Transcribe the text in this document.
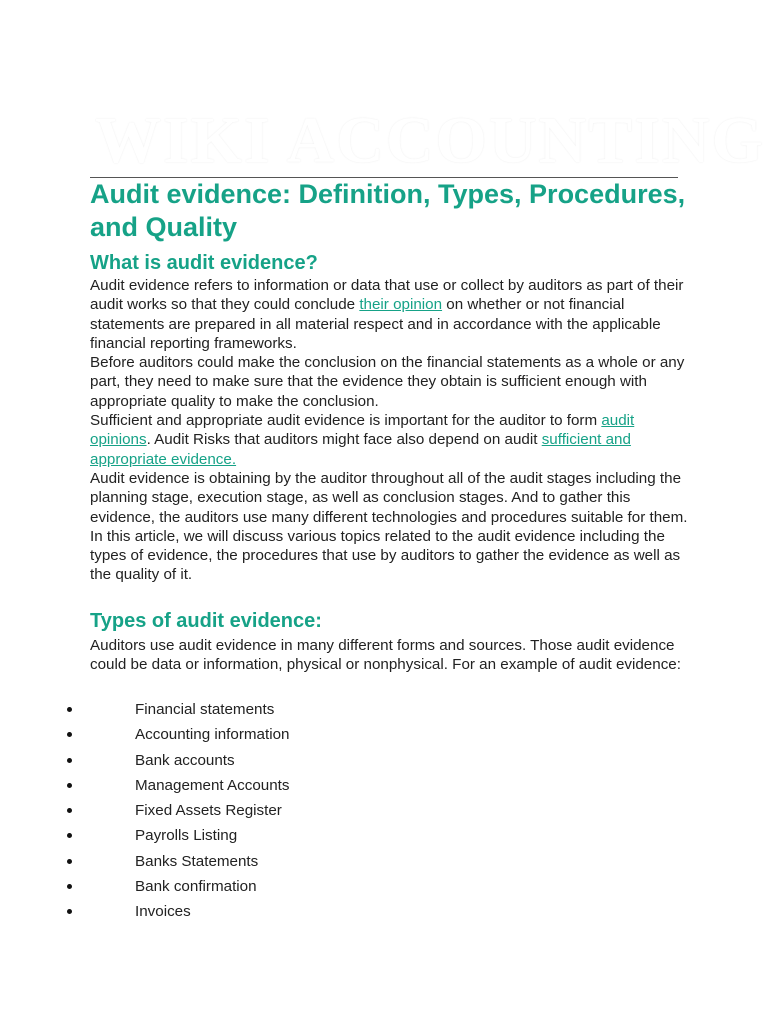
WIKI ACCOUNTING
Audit evidence: Definition, Types, Procedures, and Quality
What is audit evidence?

Audit evidence refers to information or data that use or collect by auditors as part of their audit works so that they could conclude their opinion on whether or not financial statements are prepared in all material respect and in accordance with the applicable financial reporting frameworks.

Before auditors could make the conclusion on the financial statements as a whole or any part, they need to make sure that the evidence they obtain is sufficient enough with appropriate quality to make the conclusion.

Sufficient and appropriate audit evidence is important for the auditor to form audit opinions. Audit Risks that auditors might face also depend on audit sufficient and appropriate evidence.

Audit evidence is obtaining by the auditor throughout all of the audit stages including the planning stage, execution stage, as well as conclusion stages. And to gather this evidence, the auditors use many different technologies and procedures suitable for them.

In this article, we will discuss various topics related to the audit evidence including the types of evidence, the procedures that use by auditors to gather the evidence as well as the quality of it.

Types of audit evidence:

Auditors use audit evidence in many different forms and sources. Those audit evidence could be data or information, physical or nonphysical. For an example of audit evidence:

Financial statements
Accounting information
Bank accounts
Management Accounts
Fixed Assets Register
Payrolls Listing
Banks Statements
Bank confirmation
Invoices
